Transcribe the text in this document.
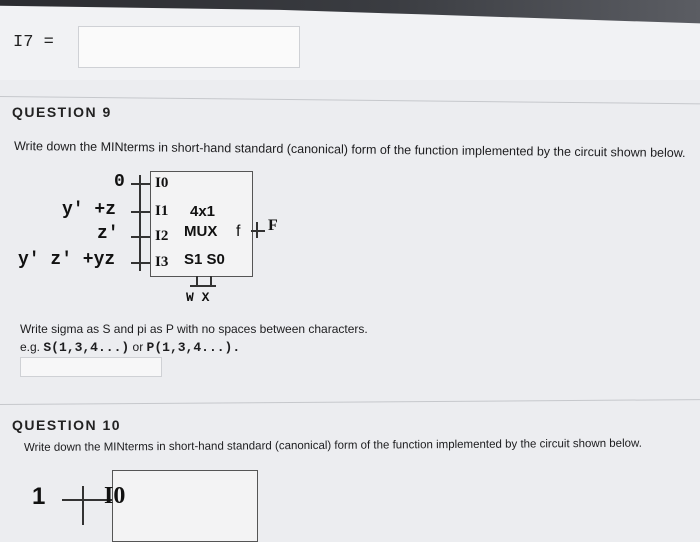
I7 =
QUESTION 9
Write down the MINterms in short-hand standard (canonical) form of the function implemented by the circuit shown below.
0
y' +z
z'
y' z' +yz
I0
I1
I2
I3
4x1
MUX f
S1 S0
F
W X
Write sigma as S and pi as P with no spaces between characters.
e.g. S(1,3,4...) or P(1,3,4...).
QUESTION 10
Write down the MINterms in short-hand standard (canonical) form of the function implemented by the circuit shown below.
1 I0
